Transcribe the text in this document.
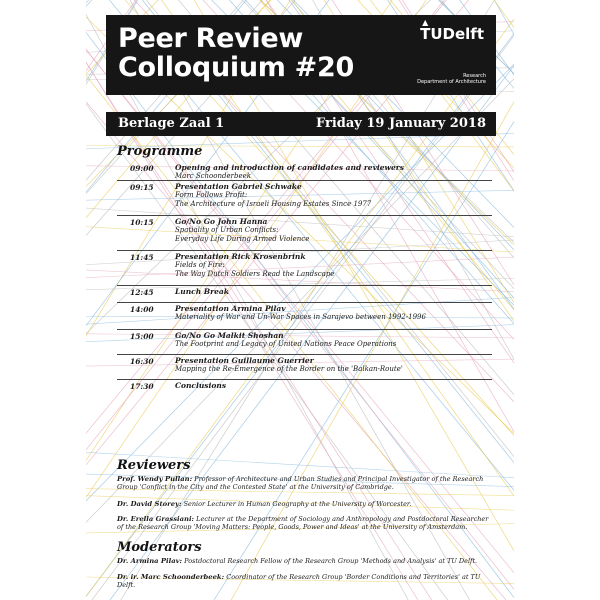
Peer Review
Colloquium #20
▲
TUDelft
Research
Department of Architecture
Berlage Zaal 1	Friday 19 January 2018
Programme
09:00	Opening and introduction of candidates and reviewers
Marc Schoonderbeek
09:15	Presentation Gabriel Schwake
Form Follows Profit:
The Architecture of Israeli Housing Estates Since 1977
10:15	Go/No Go John Hanna
Spatiality of Urban Conflicts:
Everyday Life During Armed Violence
11:45	Presentation Rick Krosenbrink
Fields of Fire:
The Way Dutch Soldiers Read the Landscape
12:45	Lunch Break
14:00	Presentation Armina Pilav
Materiality of War and Un-War Spaces in Sarajevo between 1992-1996
15:00	Go/No Go Malkit Shoshan
The Footprint and Legacy of United Nations Peace Operations
16:30	Presentation Guillaume Guerrier
Mapping the Re-Emergence of the Border on the 'Balkan-Route'
17:30	Conclusions
Reviewers
Prof. Wendy Pullan: Professor of Architecture and Urban Studies and Principal Investigator of the Research Group 'Conflict in the City and the Contested State' at the University of Cambridge.
Dr. David Storey: Senior Lecturer in Human Geography at the University of Worcester.
Dr. Erella Grassiani: Lecturer at the Department of Sociology and Anthropology and Postdoctoral Researcher of the Research Group 'Moving Matters: People, Goods, Power and Ideas' at the University of Amsterdam.
Moderators
Dr. Armina Pilav: Postdoctoral Research Fellow of the Research Group 'Methods and Analysis' at TU Delft.
Dr. ir. Marc Schoonderbeek: Coordinator of the Research Group 'Border Conditions and Territories' at TU Delft.
